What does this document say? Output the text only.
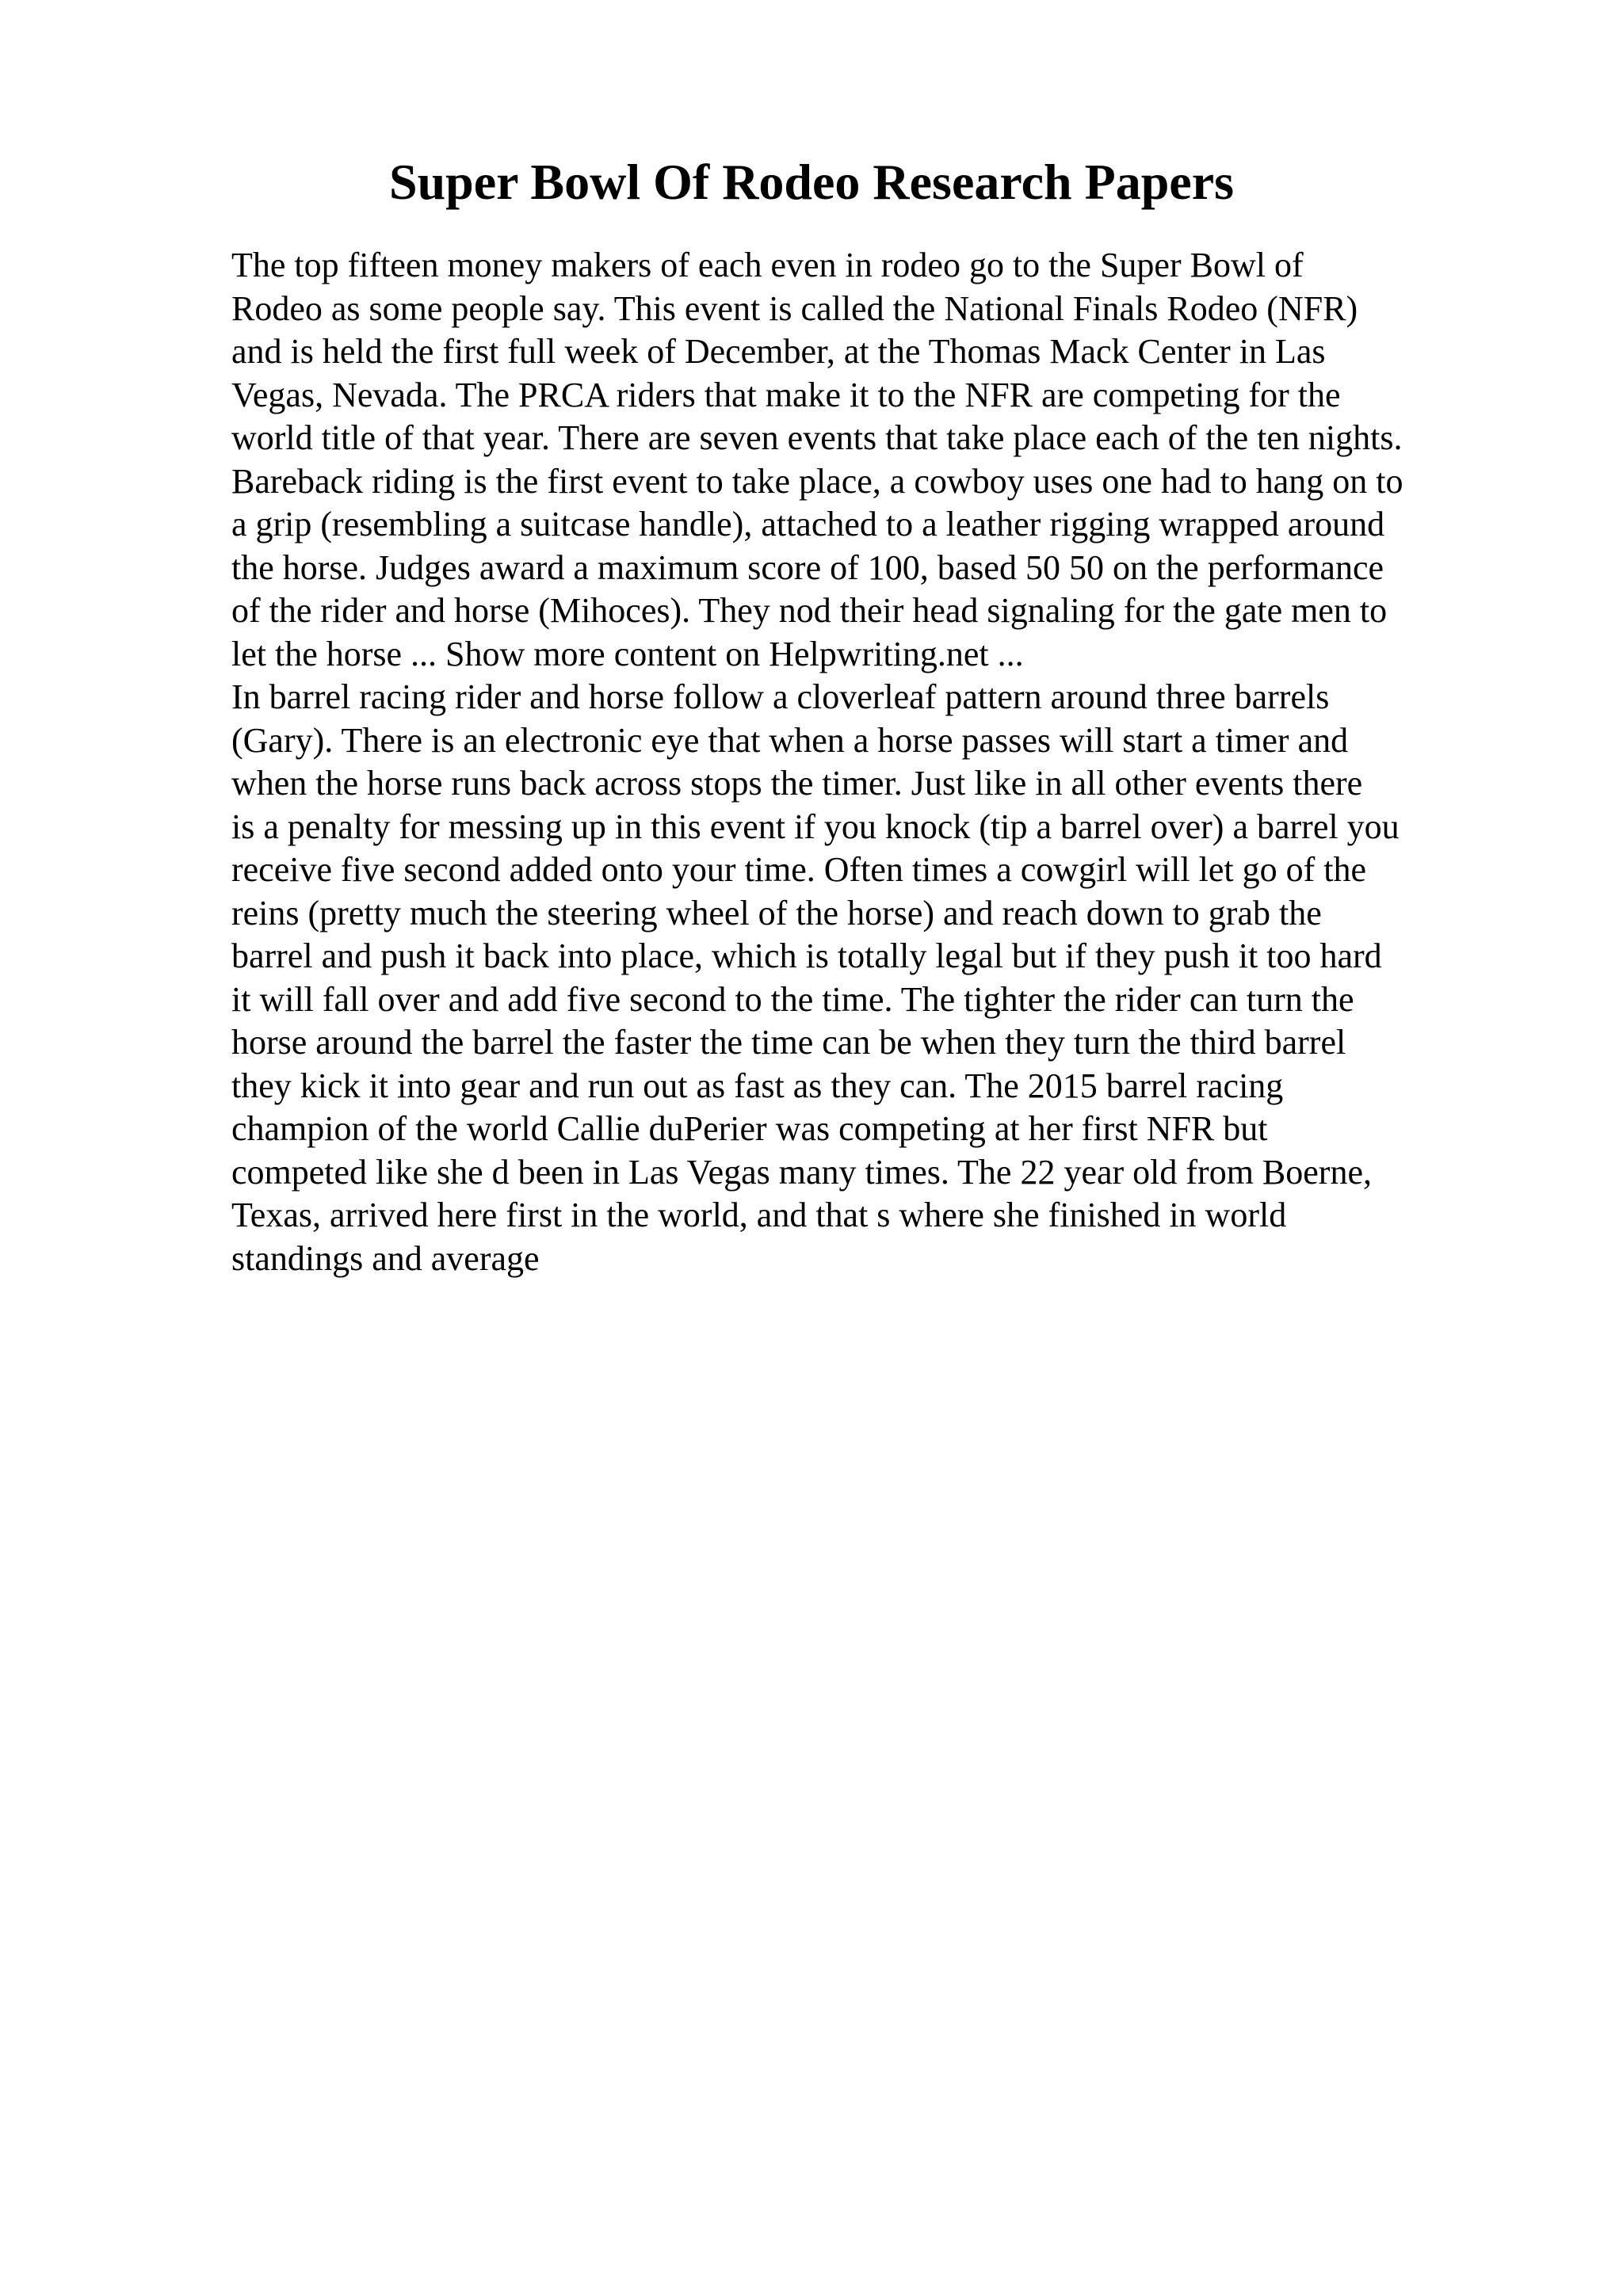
Super Bowl Of Rodeo Research Papers
The top fifteen money makers of each even in rodeo go to the Super Bowl of
Rodeo as some people say. This event is called the National Finals Rodeo (NFR)
and is held the first full week of December, at the Thomas Mack Center in Las
Vegas, Nevada. The PRCA riders that make it to the NFR are competing for the
world title of that year. There are seven events that take place each of the ten nights.
Bareback riding is the first event to take place, a cowboy uses one had to hang on to
a grip (resembling a suitcase handle), attached to a leather rigging wrapped around
the horse. Judges award a maximum score of 100, based 50 50 on the performance
of the rider and horse (Mihoces). They nod their head signaling for the gate men to
let the horse ... Show more content on Helpwriting.net ...
In barrel racing rider and horse follow a cloverleaf pattern around three barrels
(Gary). There is an electronic eye that when a horse passes will start a timer and
when the horse runs back across stops the timer. Just like in all other events there
is a penalty for messing up in this event if you knock (tip a barrel over) a barrel you
receive five second added onto your time. Often times a cowgirl will let go of the
reins (pretty much the steering wheel of the horse) and reach down to grab the
barrel and push it back into place, which is totally legal but if they push it too hard
it will fall over and add five second to the time. The tighter the rider can turn the
horse around the barrel the faster the time can be when they turn the third barrel
they kick it into gear and run out as fast as they can. The 2015 barrel racing
champion of the world Callie duPerier was competing at her first NFR but
competed like she d been in Las Vegas many times. The 22 year old from Boerne,
Texas, arrived here first in the world, and that s where she finished in world
standings and average
